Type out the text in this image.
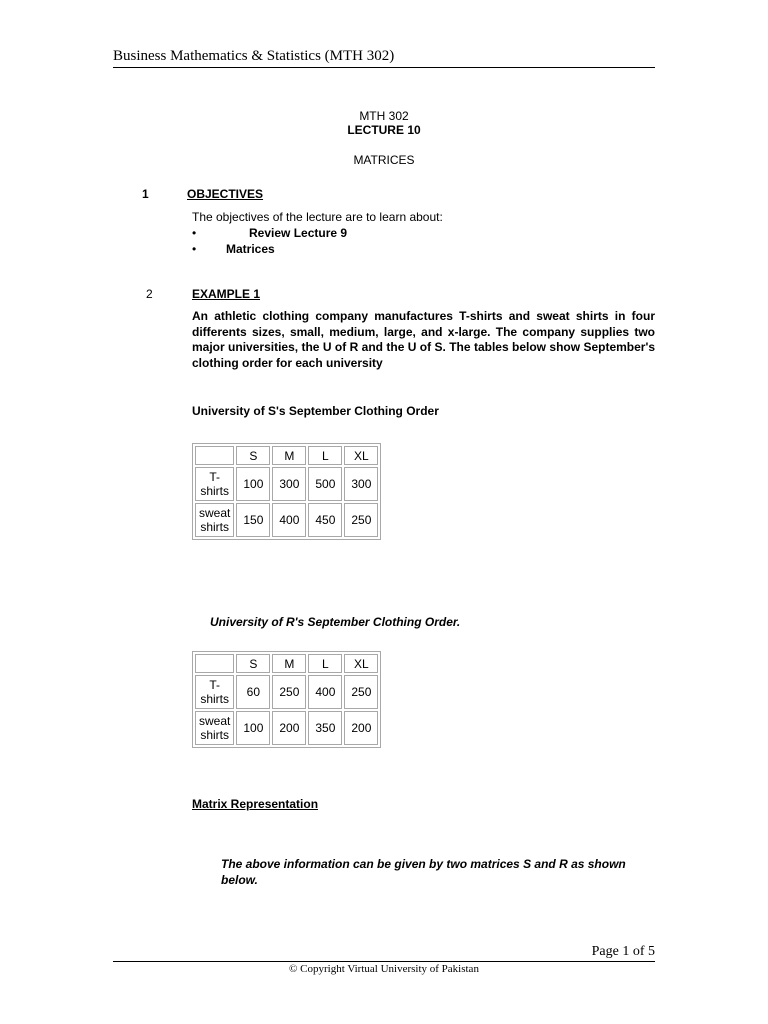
Business Mathematics & Statistics (MTH 302)
MTH 302
LECTURE 10
MATRICES
1	OBJECTIVES
The objectives of the lecture are to learn about:
•	Review Lecture 9
• Matrices
2	EXAMPLE 1
An athletic clothing company manufactures T-shirts and sweat shirts in four differents sizes, small, medium, large, and x-large. The company supplies two major universities, the U of R and the U of S. The tables below show September's clothing order for each university
University of S's September Clothing Order
	S	M	L	XL
T-shirts	100	300	500	300
sweat shirts	150	400	450	250
University of R's September Clothing Order.
	S	M	L	XL
T-shirts	60	250	400	250
sweat shirts	100	200	350	200
Matrix Representation
The above information can be given by two matrices S and R as shown below.
Page 1 of 5
© Copyright Virtual University of Pakistan
